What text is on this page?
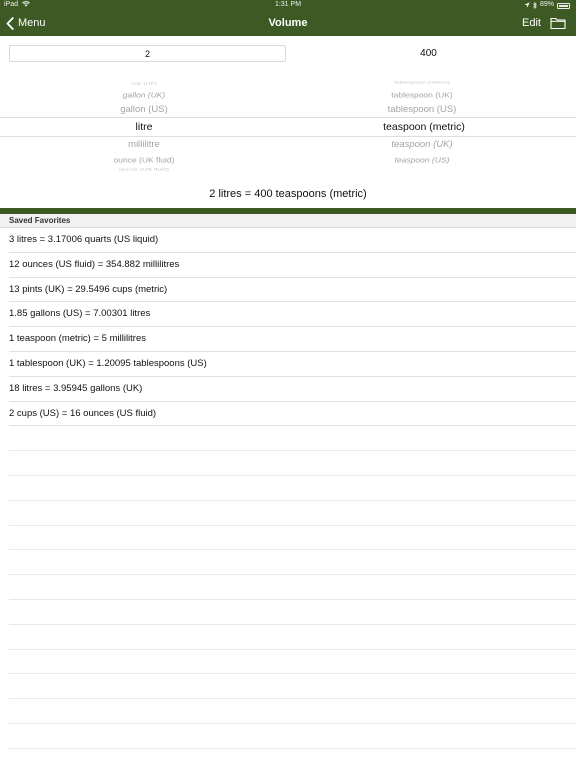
iPad	1:31 PM	89%
Menu	Volume	Edit
2
400
cup (UK)
gallon (UK)
gallon (US)
litre
millilitre
ounce (UK fluid)
ounce (US fluid)
tablespoon (metric)
tablespoon (UK)
tablespoon (US)
teaspoon (metric)
teaspoon (UK)
teaspoon (US)
2 litres = 400 teaspoons (metric)
Saved Favorites
3 litres = 3.17006 quarts (US liquid)
12 ounces (US fluid) = 354.882 millilitres
13 pints (UK) = 29.5496 cups (metric)
1.85 gallons (US) = 7.00301 litres
1 teaspoon (metric) = 5 millilitres
1 tablespoon (UK) = 1.20095 tablespoons (US)
18 litres = 3.95945 gallons (UK)
2 cups (US) = 16 ounces (US fluid)
